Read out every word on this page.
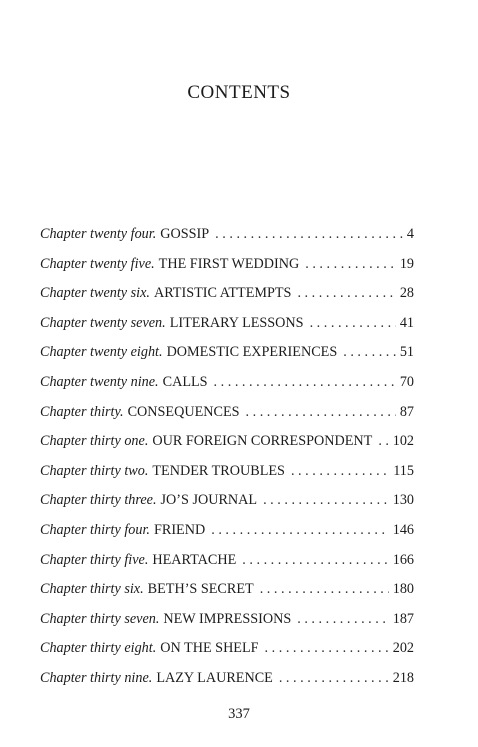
CONTENTS
Chapter twenty four. GOSSIP . . .	4
Chapter twenty five. THE FIRST WEDDING . . .	19
Chapter twenty six. ARTISTIC ATTEMPTS . . .	28
Chapter twenty seven. LITERARY LESSONS . . .	41
Chapter twenty eight. DOMESTIC EXPERIENCES . . .	51
Chapter twenty nine. CALLS . . .	70
Chapter thirty. CONSEQUENCES . . .	87
Chapter thirty one. OUR FOREIGN CORRESPONDENT . . . 102
Chapter thirty two. TENDER TROUBLES . . .	115
Chapter thirty three. JO’S JOURNAL . . .	130
Chapter thirty four. FRIEND . . .	146
Chapter thirty five. HEARTACHE . . .	166
Chapter thirty six. BETH’S SECRET . . .	180
Chapter thirty seven. NEW IMPRESSIONS . . .	187
Chapter thirty eight. ON THE SHELF . . .	202
Chapter thirty nine. LAZY LAURENCE . . .	218
337
